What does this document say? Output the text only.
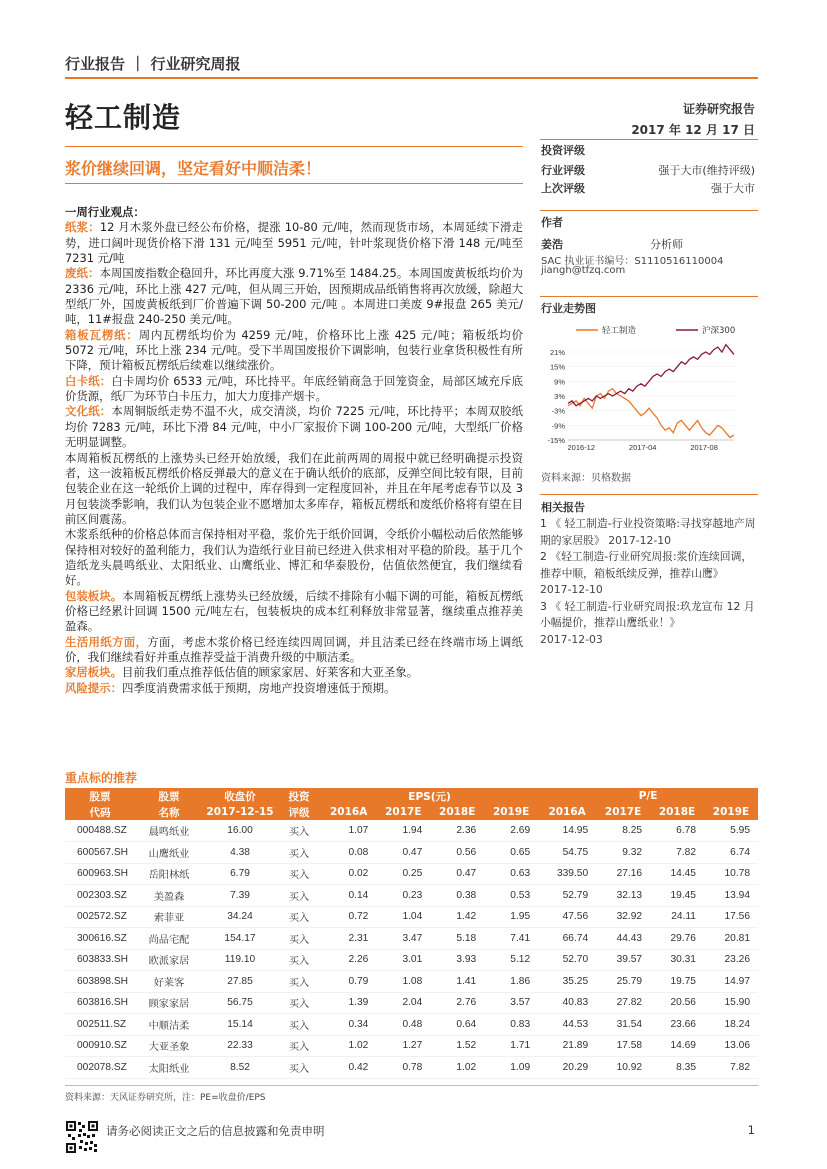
行业报告 ｜ 行业研究周报
轻工制造	证券研究报告
2017 年 12 月 17 日
浆价继续回调，坚定看好中顺洁柔！
投资评级
行业评级	强于大市(维持评级)
上次评级	强于大市
作者
姜浩	分析师
SAC 执业证书编号：S1110516110004
jiangh@tfzq.com
行业走势图
21%
15%
9%
3%
-3%
-9%
-15%
2016-12	2017-04	2017-08
轻工制造	沪深300
资料来源：贝格数据
相关报告
1 《 轻工制造-行业投资策略:寻找穿越地产周期的家居股》 2017-12-10
2 《轻工制造-行业研究周报:浆价连续回调，推荐中顺，箱板纸续反弹，推荐山鹰》 2017-12-10
3 《 轻工制造-行业研究周报:玖龙宣布 12 月小幅提价，推荐山鹰纸业！》
2017-12-03

一周行业观点：

纸浆：12 月木浆外盘已经公布价格，提涨 10-80 元/吨，然而现货市场，本周延续下滑走势，进口阔叶现货价格下滑 131 元/吨至 5951 元/吨，针叶浆现货价格下滑 148 元/吨至 7231 元/吨

废纸：本周国废指数企稳回升，环比再度大涨 9.71%至 1484.25。本周国废黄板纸均价为 2336 元/吨，环比上涨 427 元/吨，但从周三开始，因预期成品纸销售将再次放缓，除超大型纸厂外，国废黄板纸到厂价普遍下调 50-200 元/吨 。本周进口美废 9#报盘 265 美元/吨，11#报盘 240-250 美元/吨。

箱板瓦楞纸：周内瓦楞纸均价为 4259 元/吨，价格环比上涨 425 元/吨；箱板纸均价 5072 元/吨，环比上涨 234 元/吨。受下半周国废报价下调影响，包装行业拿货积极性有所下降，预计箱板瓦楞纸后续难以继续涨价。

白卡纸：白卡周均价 6533 元/吨，环比持平。年底经销商急于回笼资金，局部区域充斥底价货源，纸厂为环节白卡压力，加大力度排产烟卡。

文化纸：本周铜版纸走势不温不火，成交清淡，均价 7225 元/吨，环比持平；本周双胶纸均价 7283 元/吨，环比下滑 84 元/吨，中小厂家报价下调 100-200 元/吨，大型纸厂价格无明显调整。

本周箱板瓦楞纸的上涨势头已经开始放缓，我们在此前两周的周报中就已经明确提示投资者，这一波箱板瓦楞纸价格反弹最大的意义在于确认纸价的底部，反弹空间比较有限，目前包装企业在这一轮纸价上调的过程中，库存得到一定程度回补，并且在年尾考虑春节以及 3 月包装淡季影响，我们认为包装企业不愿增加太多库存，箱板瓦楞纸和废纸价格将有望在目前区间震荡。

木浆系纸种的价格总体而言保持相对平稳，浆价先于纸价回调，令纸价小幅松动后依然能够保持相对较好的盈利能力，我们认为造纸行业目前已经进入供求相对平稳的阶段。基于几个造纸龙头晨鸣纸业、太阳纸业、山鹰纸业、博汇和华泰股份，估值依然便宜，我们继续看好。

包装板块。本周箱板瓦楞纸上涨势头已经放缓，后续不排除有小幅下调的可能，箱板瓦楞纸价格已经累计回调 1500 元/吨左右，包装板块的成本红利释放非常显著，继续重点推荐美盈森。

生活用纸方面，方面，考虑木浆价格已经连续四周回调，并且洁柔已经在终端市场上调纸价，我们继续看好并重点推荐受益于消费升级的中顺洁柔。

家居板块。目前我们重点推荐低估值的顾家家居、好莱客和大亚圣象。

风险提示：四季度消费需求低于预期，房地产投资增速低于预期。

重点标的推荐
股票	股票	收盘价	投资	EPS(元)				P/E			
代码	名称	2017-12-15	评级	2016A	2017E	2018E	2019E	2016A	2017E	2018E	2019E
000488.SZ	晨鸣纸业	16.00	买入	1.07	1.94	2.36	2.69	14.95	8.25	6.78	5.95
600567.SH	山鹰纸业	4.38	买入	0.08	0.47	0.56	0.65	54.75	9.32	7.82	6.74
600963.SH	岳阳林纸	6.79	买入	0.02	0.25	0.47	0.63	339.50	27.16	14.45	10.78
002303.SZ	美盈森	7.39	买入	0.14	0.23	0.38	0.53	52.79	32.13	19.45	13.94
002572.SZ	索菲亚	34.24	买入	0.72	1.04	1.42	1.95	47.56	32.92	24.11	17.56
300616.SZ	尚品宅配	154.17	买入	2.31	3.47	5.18	7.41	66.74	44.43	29.76	20.81
603833.SH	欧派家居	119.10	买入	2.26	3.01	3.93	5.12	52.70	39.57	30.31	23.26
603898.SH	好莱客	27.85	买入	0.79	1.08	1.41	1.86	35.25	25.79	19.75	14.97
603816.SH	顾家家居	56.75	买入	1.39	2.04	2.76	3.57	40.83	27.82	20.56	15.90
002511.SZ	中顺洁柔	15.14	买入	0.34	0.48	0.64	0.83	44.53	31.54	23.66	18.24
000910.SZ	大亚圣象	22.33	买入	1.02	1.27	1.52	1.71	21.89	17.58	14.69	13.06
002078.SZ	太阳纸业	8.52	买入	0.42	0.78	1.02	1.09	20.29	10.92	8.35	7.82
资料来源：天风证券研究所，注：PE=收盘价/EPS
请务必阅读正文之后的信息披露和免责申明	1
